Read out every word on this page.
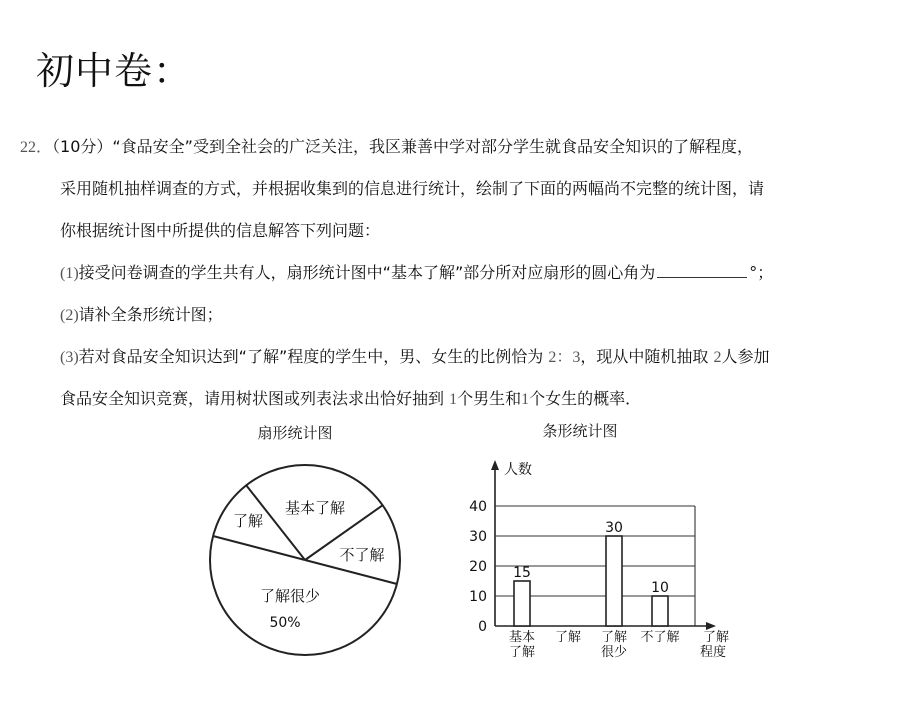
初中卷：
22．（10分）“食品安全”受到全社会的广泛关注，我区兼善中学对部分学生就食品安全知识的了解程度，
采用随机抽样调查的方式，并根据收集到的信息进行统计，绘制了下面的两幅尚不完整的统计图，请
你根据统计图中所提供的信息解答下列问题：
(1)接受问卷调查的学生共有人，扇形统计图中“基本了解”部分所对应扇形的圆心角为	°；
(2)请补全条形统计图；
(3)若对食品安全知识达到“了解”程度的学生中，男、女生的比例恰为 2：3，现从中随机抽取 2人参加
食品安全知识竞赛，请用树状图或列表法求出恰好抽到 1个男生和1个女生的概率．
扇形统计图
基本了解
了解
不了解
了解很少
50%
条形统计图
人数
了解
程度
0
10
20
30
40
15
30
10
基本
了解
了解 了解
很少
不了解
